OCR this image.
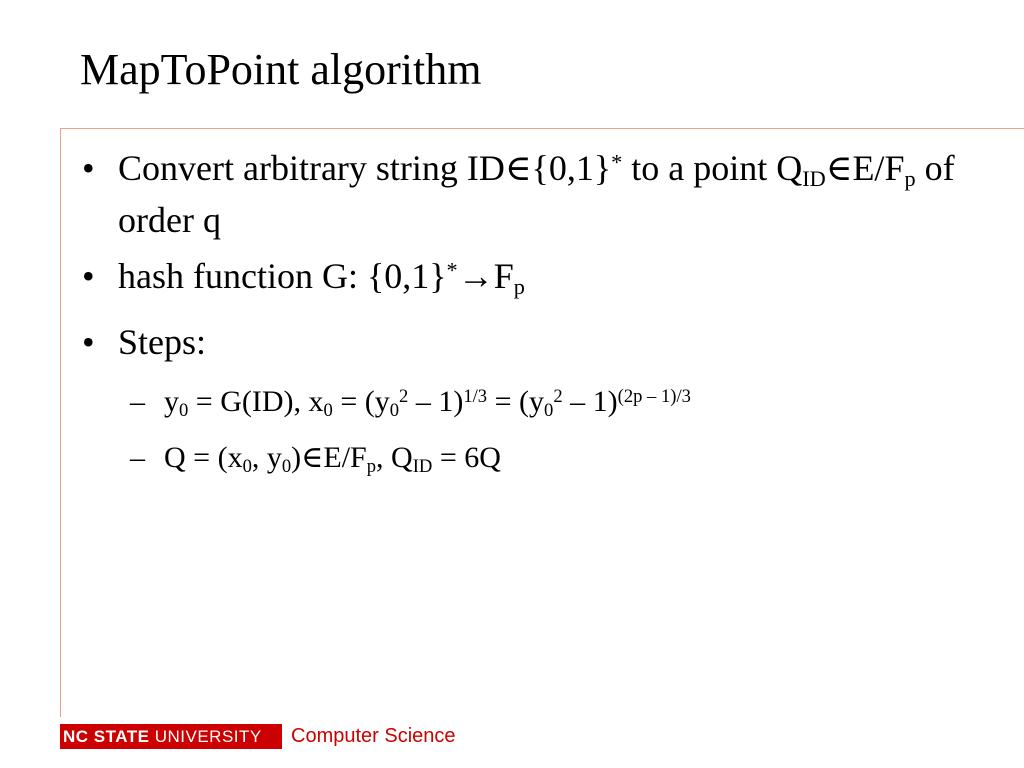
MapToPoint algorithm
• Convert arbitrary string ID∈{0,1}* to a point $Q_{ID}\in E/F_p$ of order q
• hash function G: $\{0,1\}^*\to F_p$
• Steps:
– $y_0 = G(ID)$, $x_0 = (y_0^2 - 1)^{1/3} = (y_0^2 - 1)^{(2p - 1)/3}$
– $Q = (x_0$, $y_0)\in E/F_p$, $Q_{ID} = 6Q$
NC STATE UNIVERSITY Computer Science
